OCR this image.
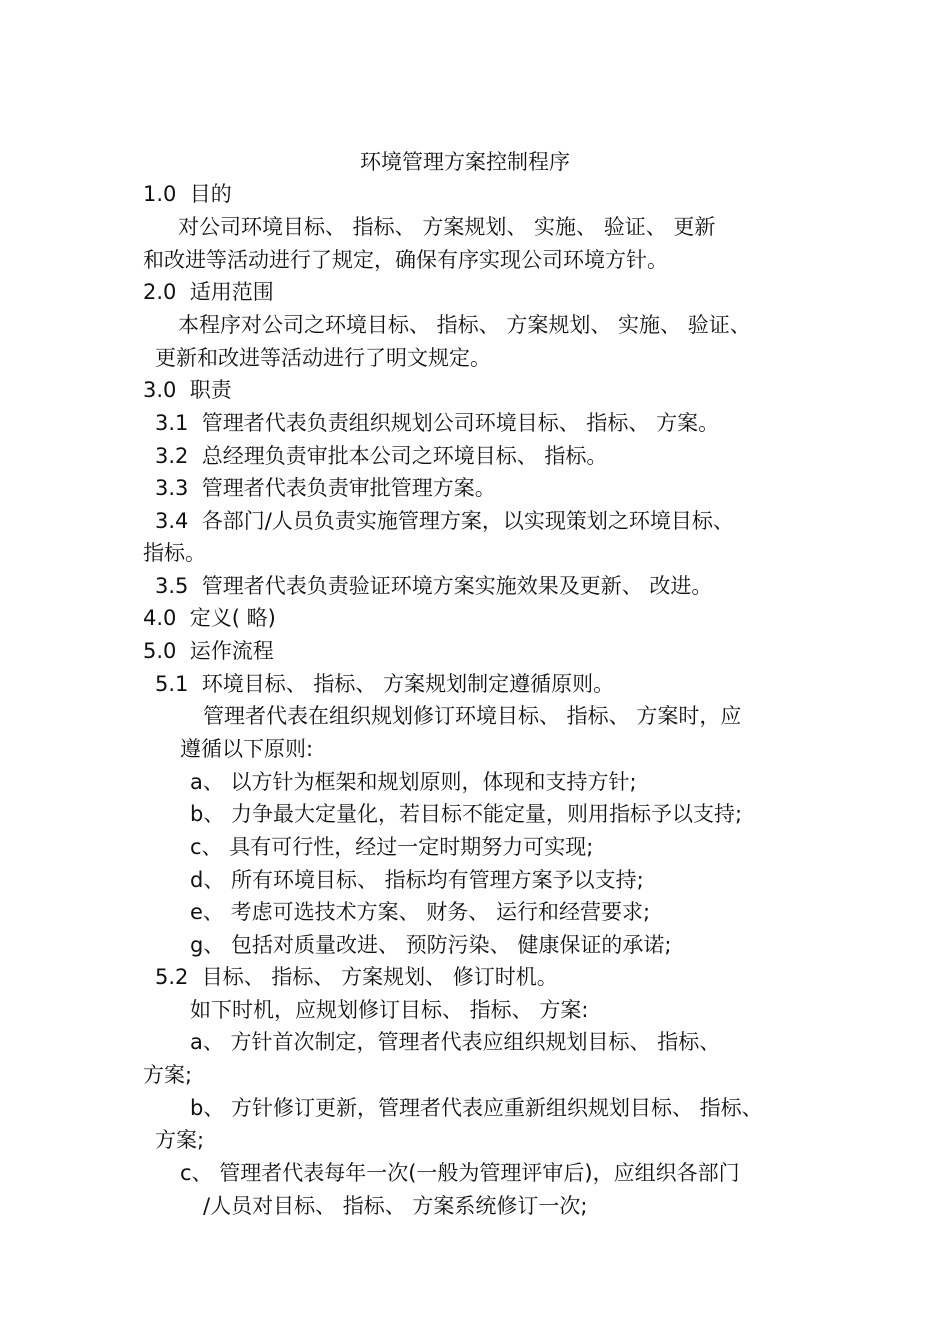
环境管理方案控制程序

1.0  目的

对公司环境目标、 指标、 方案规划、 实施、 验证、 更新

和改进等活动进行了规定，确保有序实现公司环境方针。

2.0  适用范围

本程序对公司之环境目标、 指标、 方案规划、 实施、 验证、

更新和改进等活动进行了明文规定。

3.0  职责

3.1  管理者代表负责组织规划公司环境目标、 指标、 方案。

3.2  总经理负责审批本公司之环境目标、 指标。

3.3  管理者代表负责审批管理方案。

3.4  各部门/人员负责实施管理方案，以实现策划之环境目标、

指标。

3.5  管理者代表负责验证环境方案实施效果及更新、 改进。

4.0  定义( 略)

5.0  运作流程

5.1  环境目标、 指标、 方案规划制定遵循原则。

管理者代表在组织规划修订环境目标、 指标、 方案时，应

遵循以下原则:

a、 以方针为框架和规划原则，体现和支持方针;

b、 力争最大定量化，若目标不能定量，则用指标予以支持;

c、 具有可行性，经过一定时期努力可实现;

d、 所有环境目标、 指标均有管理方案予以支持;

e、 考虑可选技术方案、 财务、 运行和经营要求;

g、 包括对质量改进、 预防污染、 健康保证的承诺;

5.2  目标、 指标、 方案规划、 修订时机。

如下时机，应规划修订目标、 指标、 方案:

a、 方针首次制定，管理者代表应组织规划目标、 指标、

方案;

b、 方针修订更新，管理者代表应重新组织规划目标、 指标、

方案;

c、 管理者代表每年一次(一般为管理评审后)，应组织各部门

/人员对目标、 指标、 方案系统修订一次;
